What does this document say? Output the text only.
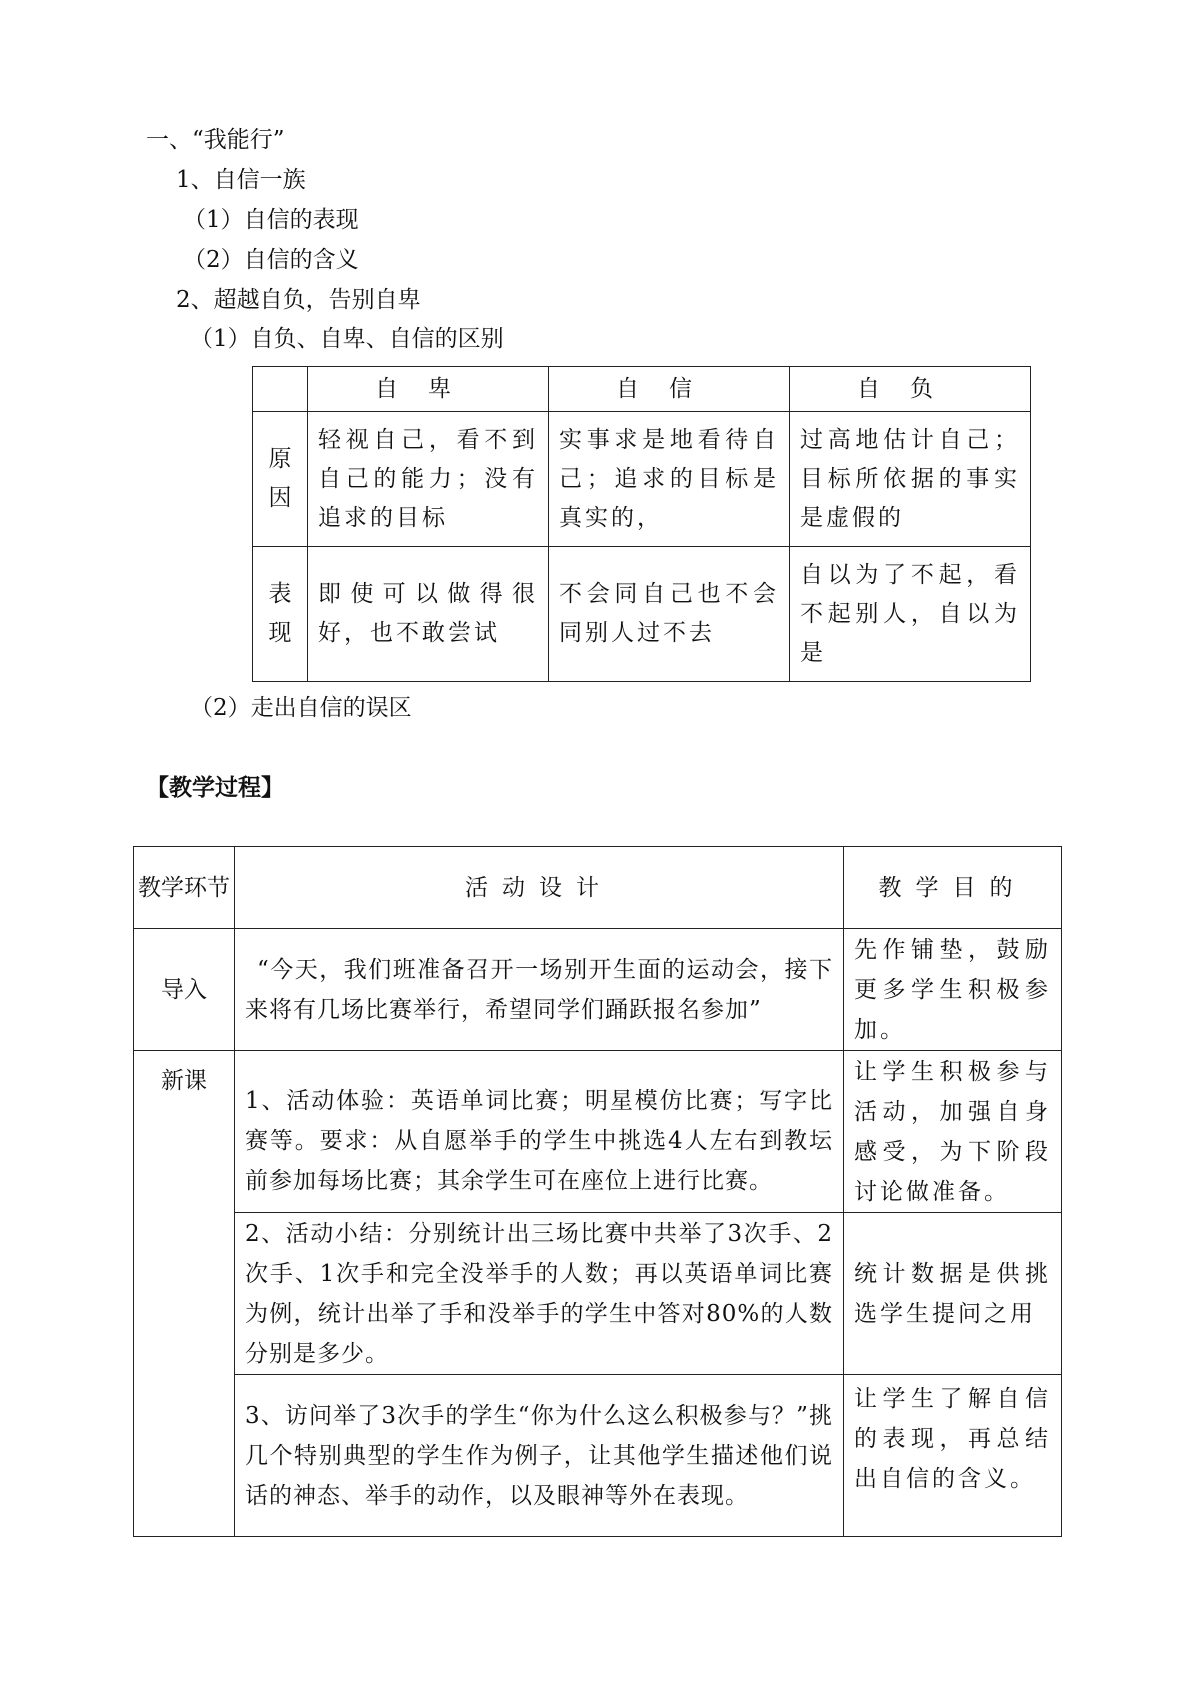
一、“我能行”
1、自信一族
（1）自信的表现
（2）自信的含义
2、超越自负，告别自卑
（1）自负、自卑、自信的区别
	自卑	自信	自负

原
因	轻视自己，看不到自己的能力；没有追求的目标	实事求是地看待自己；追求的目标是真实的，	过高地估计自己；目标所依据的事实是虚假的

表
现	即使可以做得很好，也不敢尝试	不会同自己也不会同别人过不去	自以为了不起，看不起别人，自以为是
（2）走出自信的误区
【教学过程】
教学环节	活动设计	教学目的
导入	“今天，我们班准备召开一场别开生面的运动会，接下来将有几场比赛举行，希望同学们踊跃报名参加”	先作铺垫，鼓励更多学生积极参加。
新课	1、活动体验：英语单词比赛；明星模仿比赛；写字比赛等。要求：从自愿举手的学生中挑选4人左右到教坛前参加每场比赛；其余学生可在座位上进行比赛。	让学生积极参与活动，加强自身感受，为下阶段讨论做准备。
	2、活动小结：分别统计出三场比赛中共举了3次手、2次手、1次手和完全没举手的人数；再以英语单词比赛为例，统计出举了手和没举手的学生中答对80%的人数分别是多少。	统计数据是供挑选学生提问之用
	3、访问举了3次手的学生“你为什么这么积极参与？”挑几个特别典型的学生作为例子，让其他学生描述他们说话的神态、举手的动作，以及眼神等外在表现。	让学生了解自信的表现，再总结出自信的含义。
